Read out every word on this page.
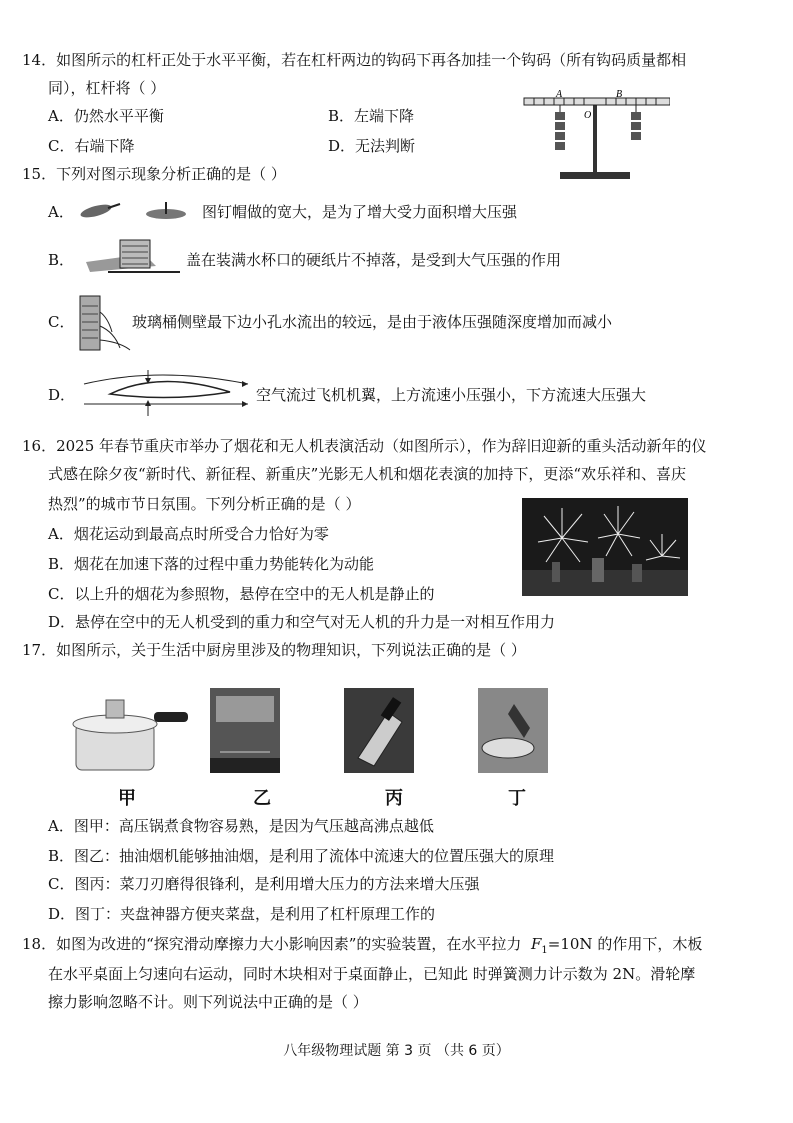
14．如图所示的杠杆正处于水平平衡，若在杠杆两边的钩码下再各加挂一个钩码（所有钩码质量都相
同），杠杆将（ ）
A．仍然水平平衡	B．左端下降
C．右端下降	D．无法判断
A
O
B
15．下列对图示现象分析正确的是（ ）
A．	图钉帽做的宽大，是为了增大受力面积增大压强
B．	盖在装满水杯口的硬纸片不掉落，是受到大气压强的作用
C．	玻璃桶侧壁最下边小孔水流出的较远，是由于液体压强随深度增加而减小
D．	空气流过飞机机翼，上方流速小压强小，下方流速大压强大
16．2025 年春节重庆市举办了烟花和无人机表演活动（如图所示），作为辞旧迎新的重头活动新年的仪
式感在除夕夜“新时代、新征程、新重庆”光影无人机和烟花表演的加持下，更添“欢乐祥和、喜庆
热烈”的城市节日氛围。下列分析正确的是（ ）
A．烟花运动到最高点时所受合力恰好为零
B．烟花在加速下落的过程中重力势能转化为动能
C．以上升的烟花为参照物，悬停在空中的无人机是静止的
D．悬停在空中的无人机受到的重力和空气对无人机的升力是一对相互作用力
17．如图所示，关于生活中厨房里涉及的物理知识，下列说法正确的是（ ）
甲	乙	丙	丁
A．图甲：高压锅煮食物容易熟，是因为气压越高沸点越低
B．图乙：抽油烟机能够抽油烟，是利用了流体中流速大的位置压强大的原理
C．图丙：菜刀刃磨得很锋利，是利用增大压力的方法来增大压强
D．图丁：夹盘神器方便夹菜盘，是利用了杠杆原理工作的
18．如图为改进的“探究滑动摩擦力大小影响因素”的实验装置，在水平拉力 $F_1=10N$ 的作用下，木板
在水平桌面上匀速向右运动，同时木块相对于桌面静止，已知此 时弹簧测力计示数为 2N。滑轮摩
擦力影响忽略不计。则下列说法中正确的是（ ）
八年级物理试题 第 3 页 （共 6 页）
